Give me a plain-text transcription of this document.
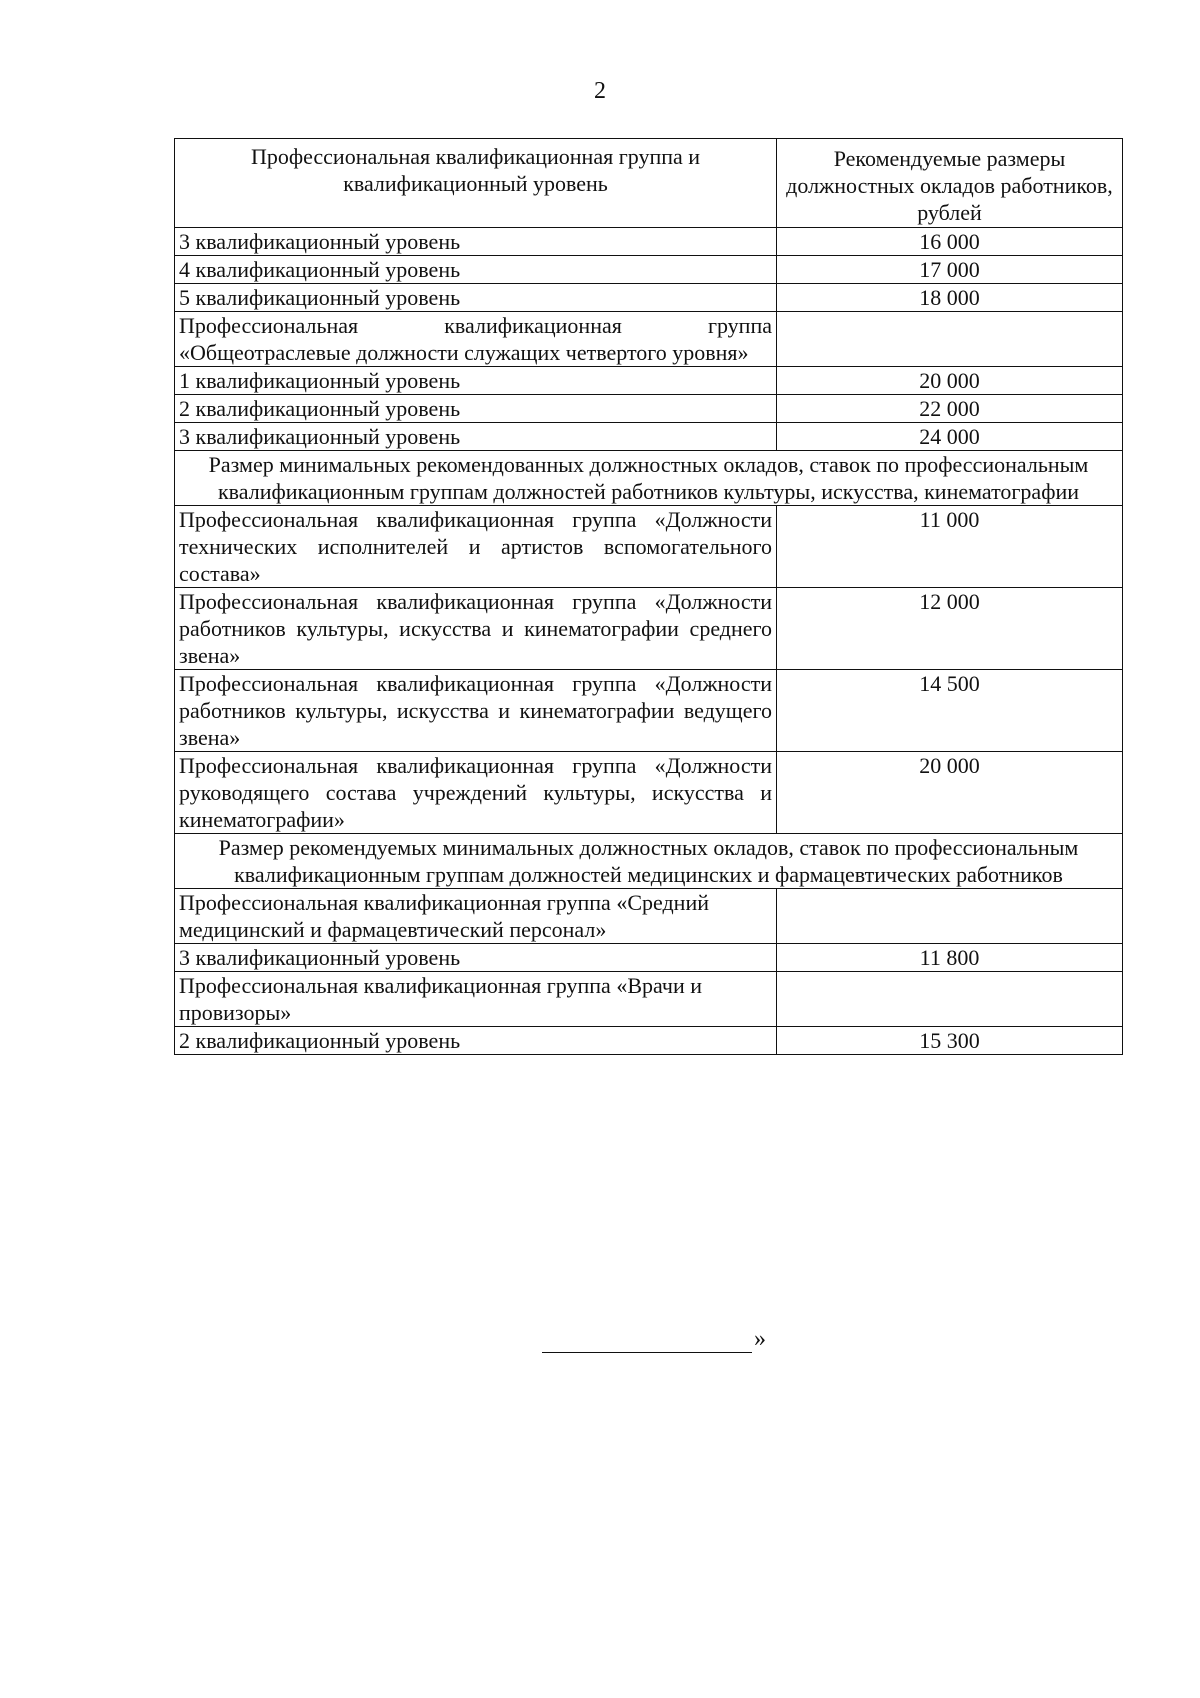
2
Профессиональная квалификационная группа и квалификационный уровень	Рекомендуемые размеры должностных окладов работников, рублей
3 квалификационный уровень	16 000
4 квалификационный уровень	17 000
5 квалификационный уровень	18 000
Профессиональная квалификационная группа «Общеотраслевые должности служащих четвертого уровня»	
1 квалификационный уровень	20 000
2 квалификационный уровень	22 000
3 квалификационный уровень	24 000
Размер минимальных рекомендованных должностных окладов, ставок по профессиональным квалификационным группам должностей работников культуры, искусства, кинематографии	
Профессиональная квалификационная группа «Должности технических исполнителей и артистов вспомогательного состава»	11 000
Профессиональная квалификационная группа «Должности работников культуры, искусства и кинематографии среднего звена»	12 000
Профессиональная квалификационная группа «Должности работников культуры, искусства и кинематографии ведущего звена»	14 500
Профессиональная квалификационная группа «Должности руководящего состава учреждений культуры, искусства и кинематографии»	20 000
Размер рекомендуемых минимальных должностных окладов, ставок по профессиональным квалификационным группам должностей медицинских и фармацевтических работников	
Профессиональная квалификационная группа «Средний медицинский и фармацевтический персонал»	
3 квалификационный уровень	11 800
Профессиональная квалификационная группа «Врачи и провизоры»	
2 квалификационный уровень	15 300
»
